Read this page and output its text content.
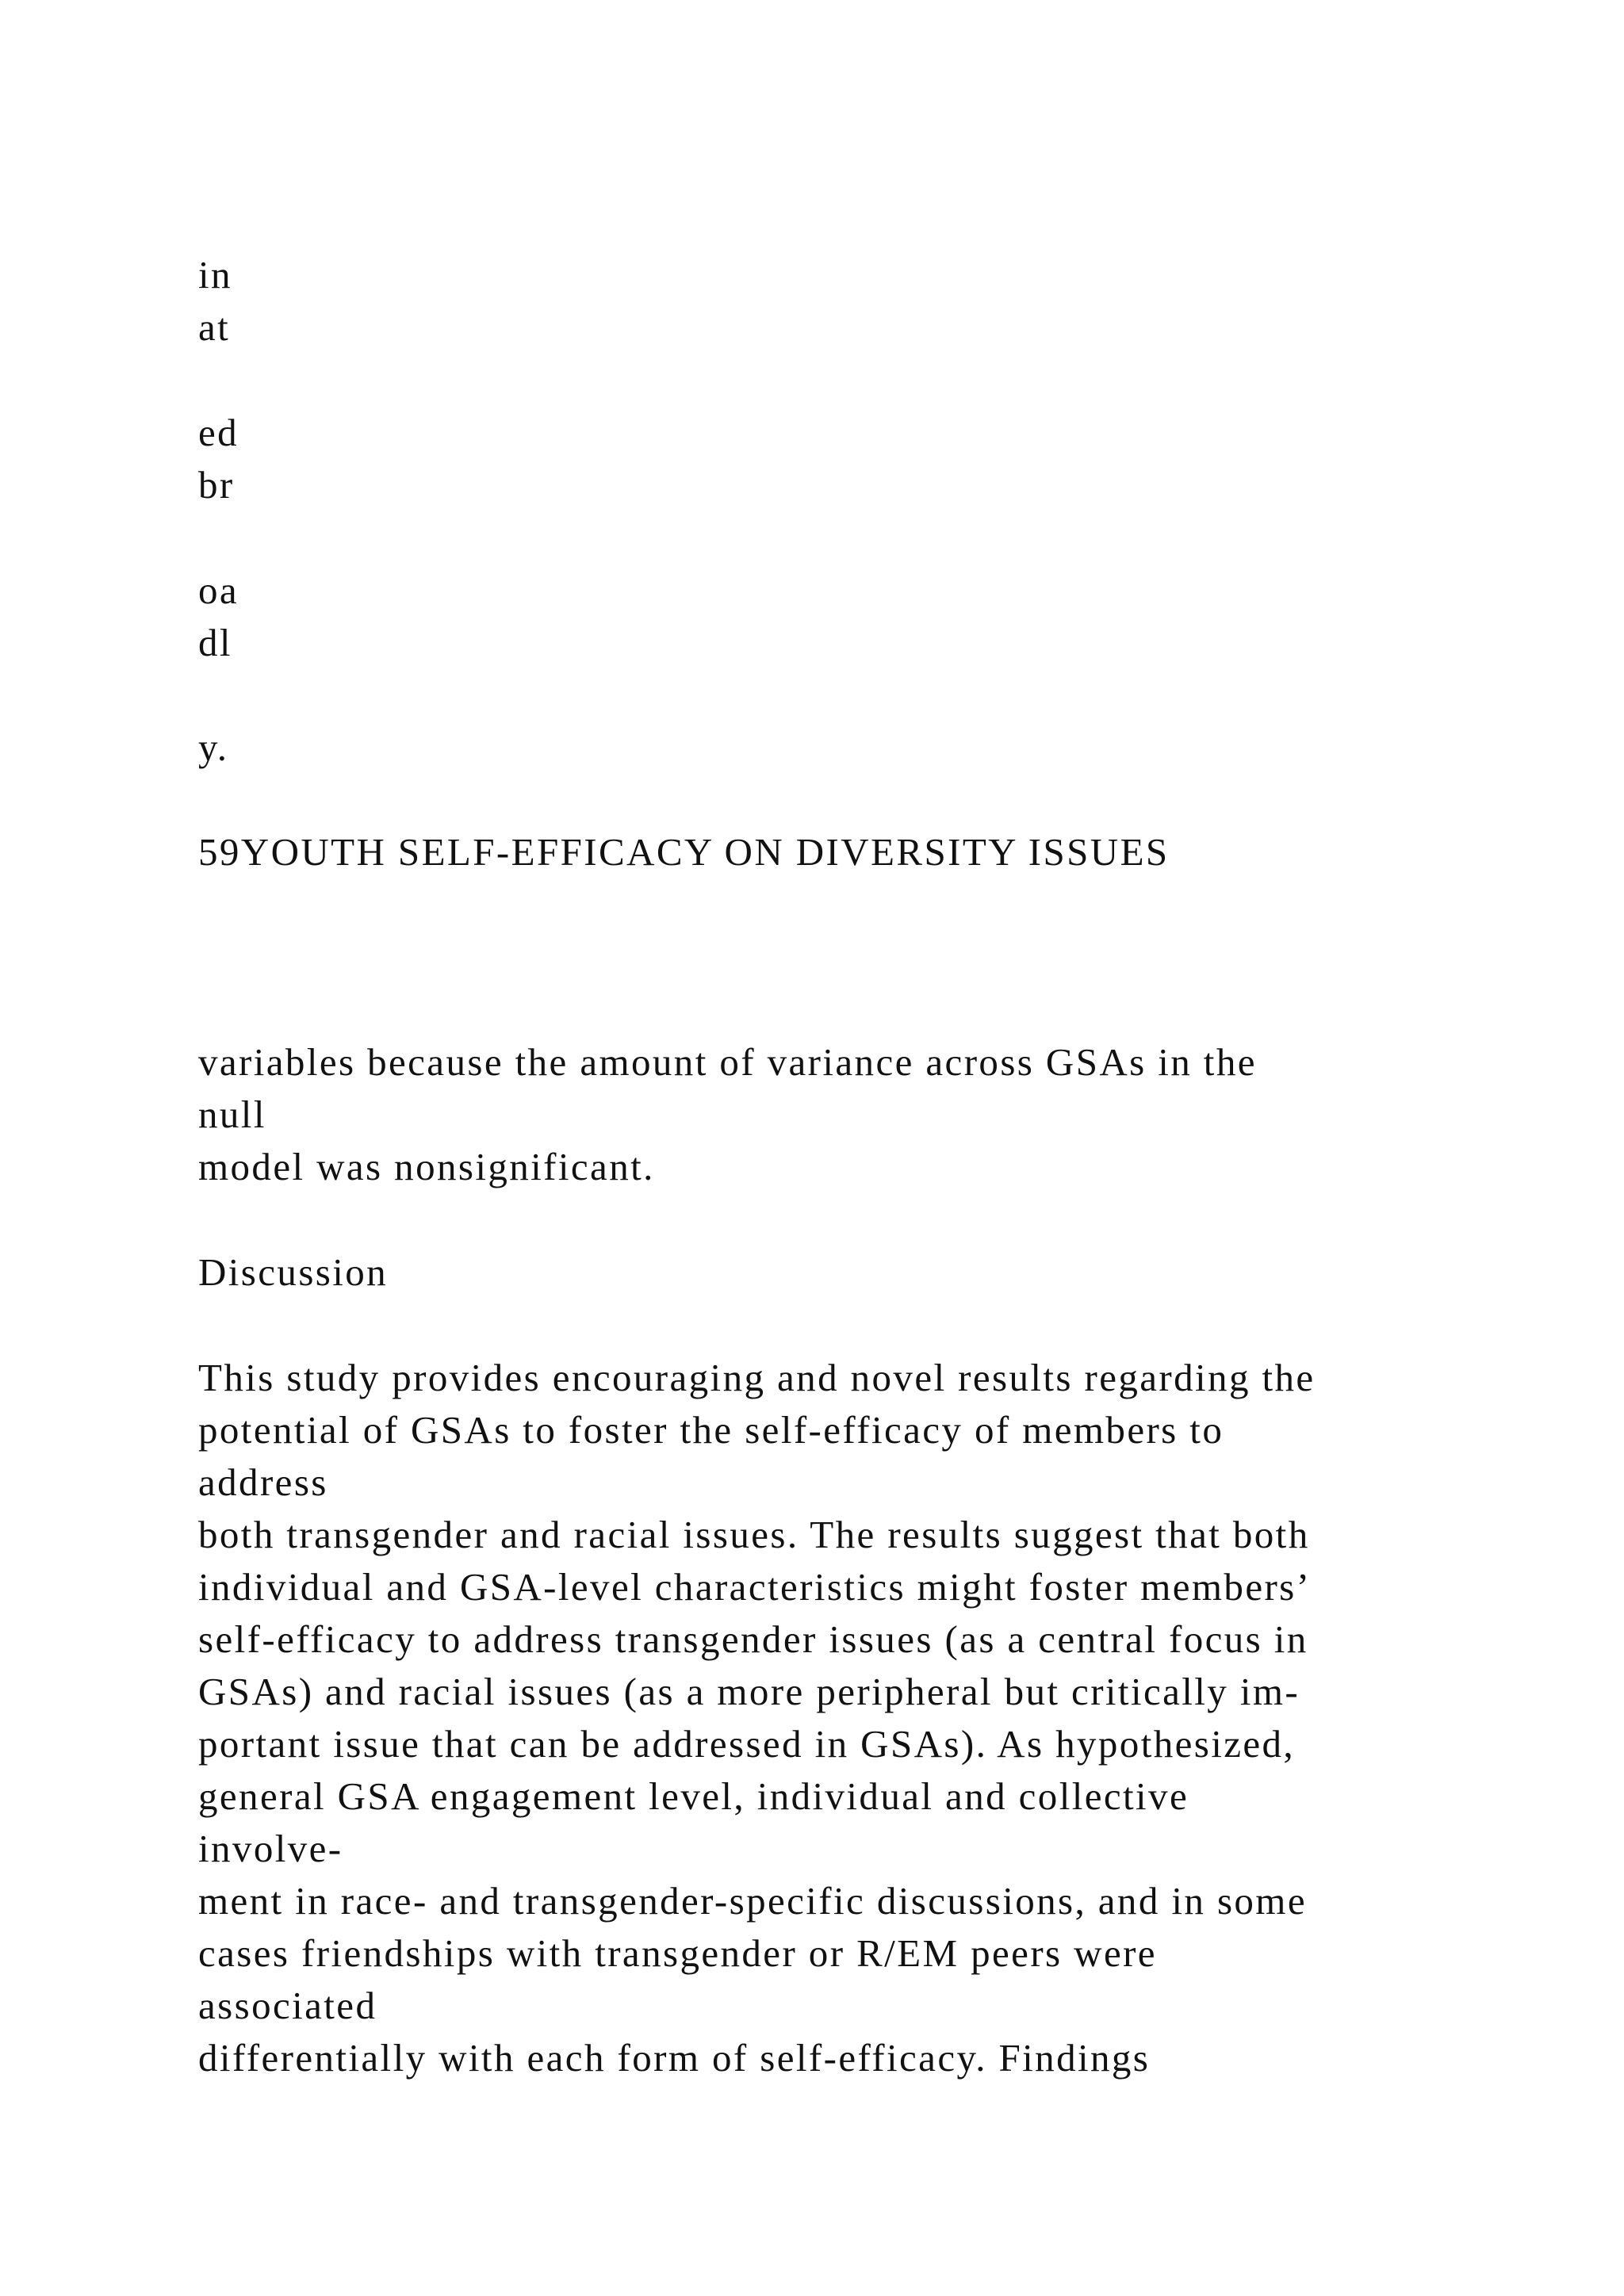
in
at
ed
br
oa
dl
y.
59YOUTH SELF-EFFICACY ON DIVERSITY ISSUES
variables because the amount of variance across GSAs in the
null
model was nonsignificant.
Discussion
This study provides encouraging and novel results regarding the
potential of GSAs to foster the self-efficacy of members to
address
both transgender and racial issues. The results suggest that both
individual and GSA-level characteristics might foster members’
self-efficacy to address transgender issues (as a central focus in
GSAs) and racial issues (as a more peripheral but critically im-
portant issue that can be addressed in GSAs). As hypothesized,
general GSA engagement level, individual and collective
involve-
ment in race- and transgender-specific discussions, and in some
cases friendships with transgender or R/EM peers were
associated
differentially with each form of self-efficacy. Findings
